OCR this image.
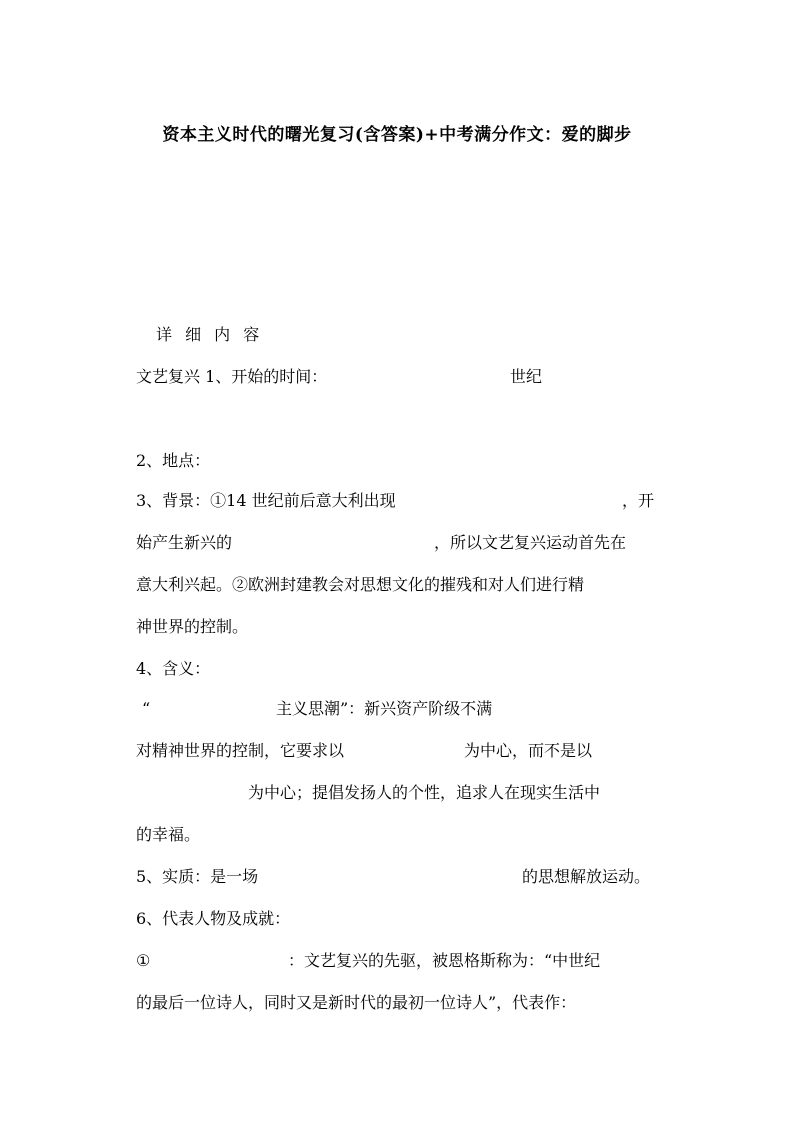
资本主义时代的曙光复习(含答案)+中考满分作文：爱的脚步
详 细 内 容
文艺复兴 1、开始的时间：	世纪
2、地点：
3、背景：①14 世纪前后意大利出现	，开
始产生新兴的	，所以文艺复兴运动首先在
意大利兴起。②欧洲封建教会对思想文化的摧残和对人们进行精
神世界的控制。
4、含义：
“	主义思潮”：新兴资产阶级不满
对精神世界的控制，它要求以	为中心，而不是以
为中心；提倡发扬人的个性，追求人在现实生活中
的幸福。
5、实质：是一场	的思想解放运动。
6、代表人物及成就：
①	：文艺复兴的先驱，被恩格斯称为：“中世纪
的最后一位诗人，同时又是新时代的最初一位诗人”，代表作：
